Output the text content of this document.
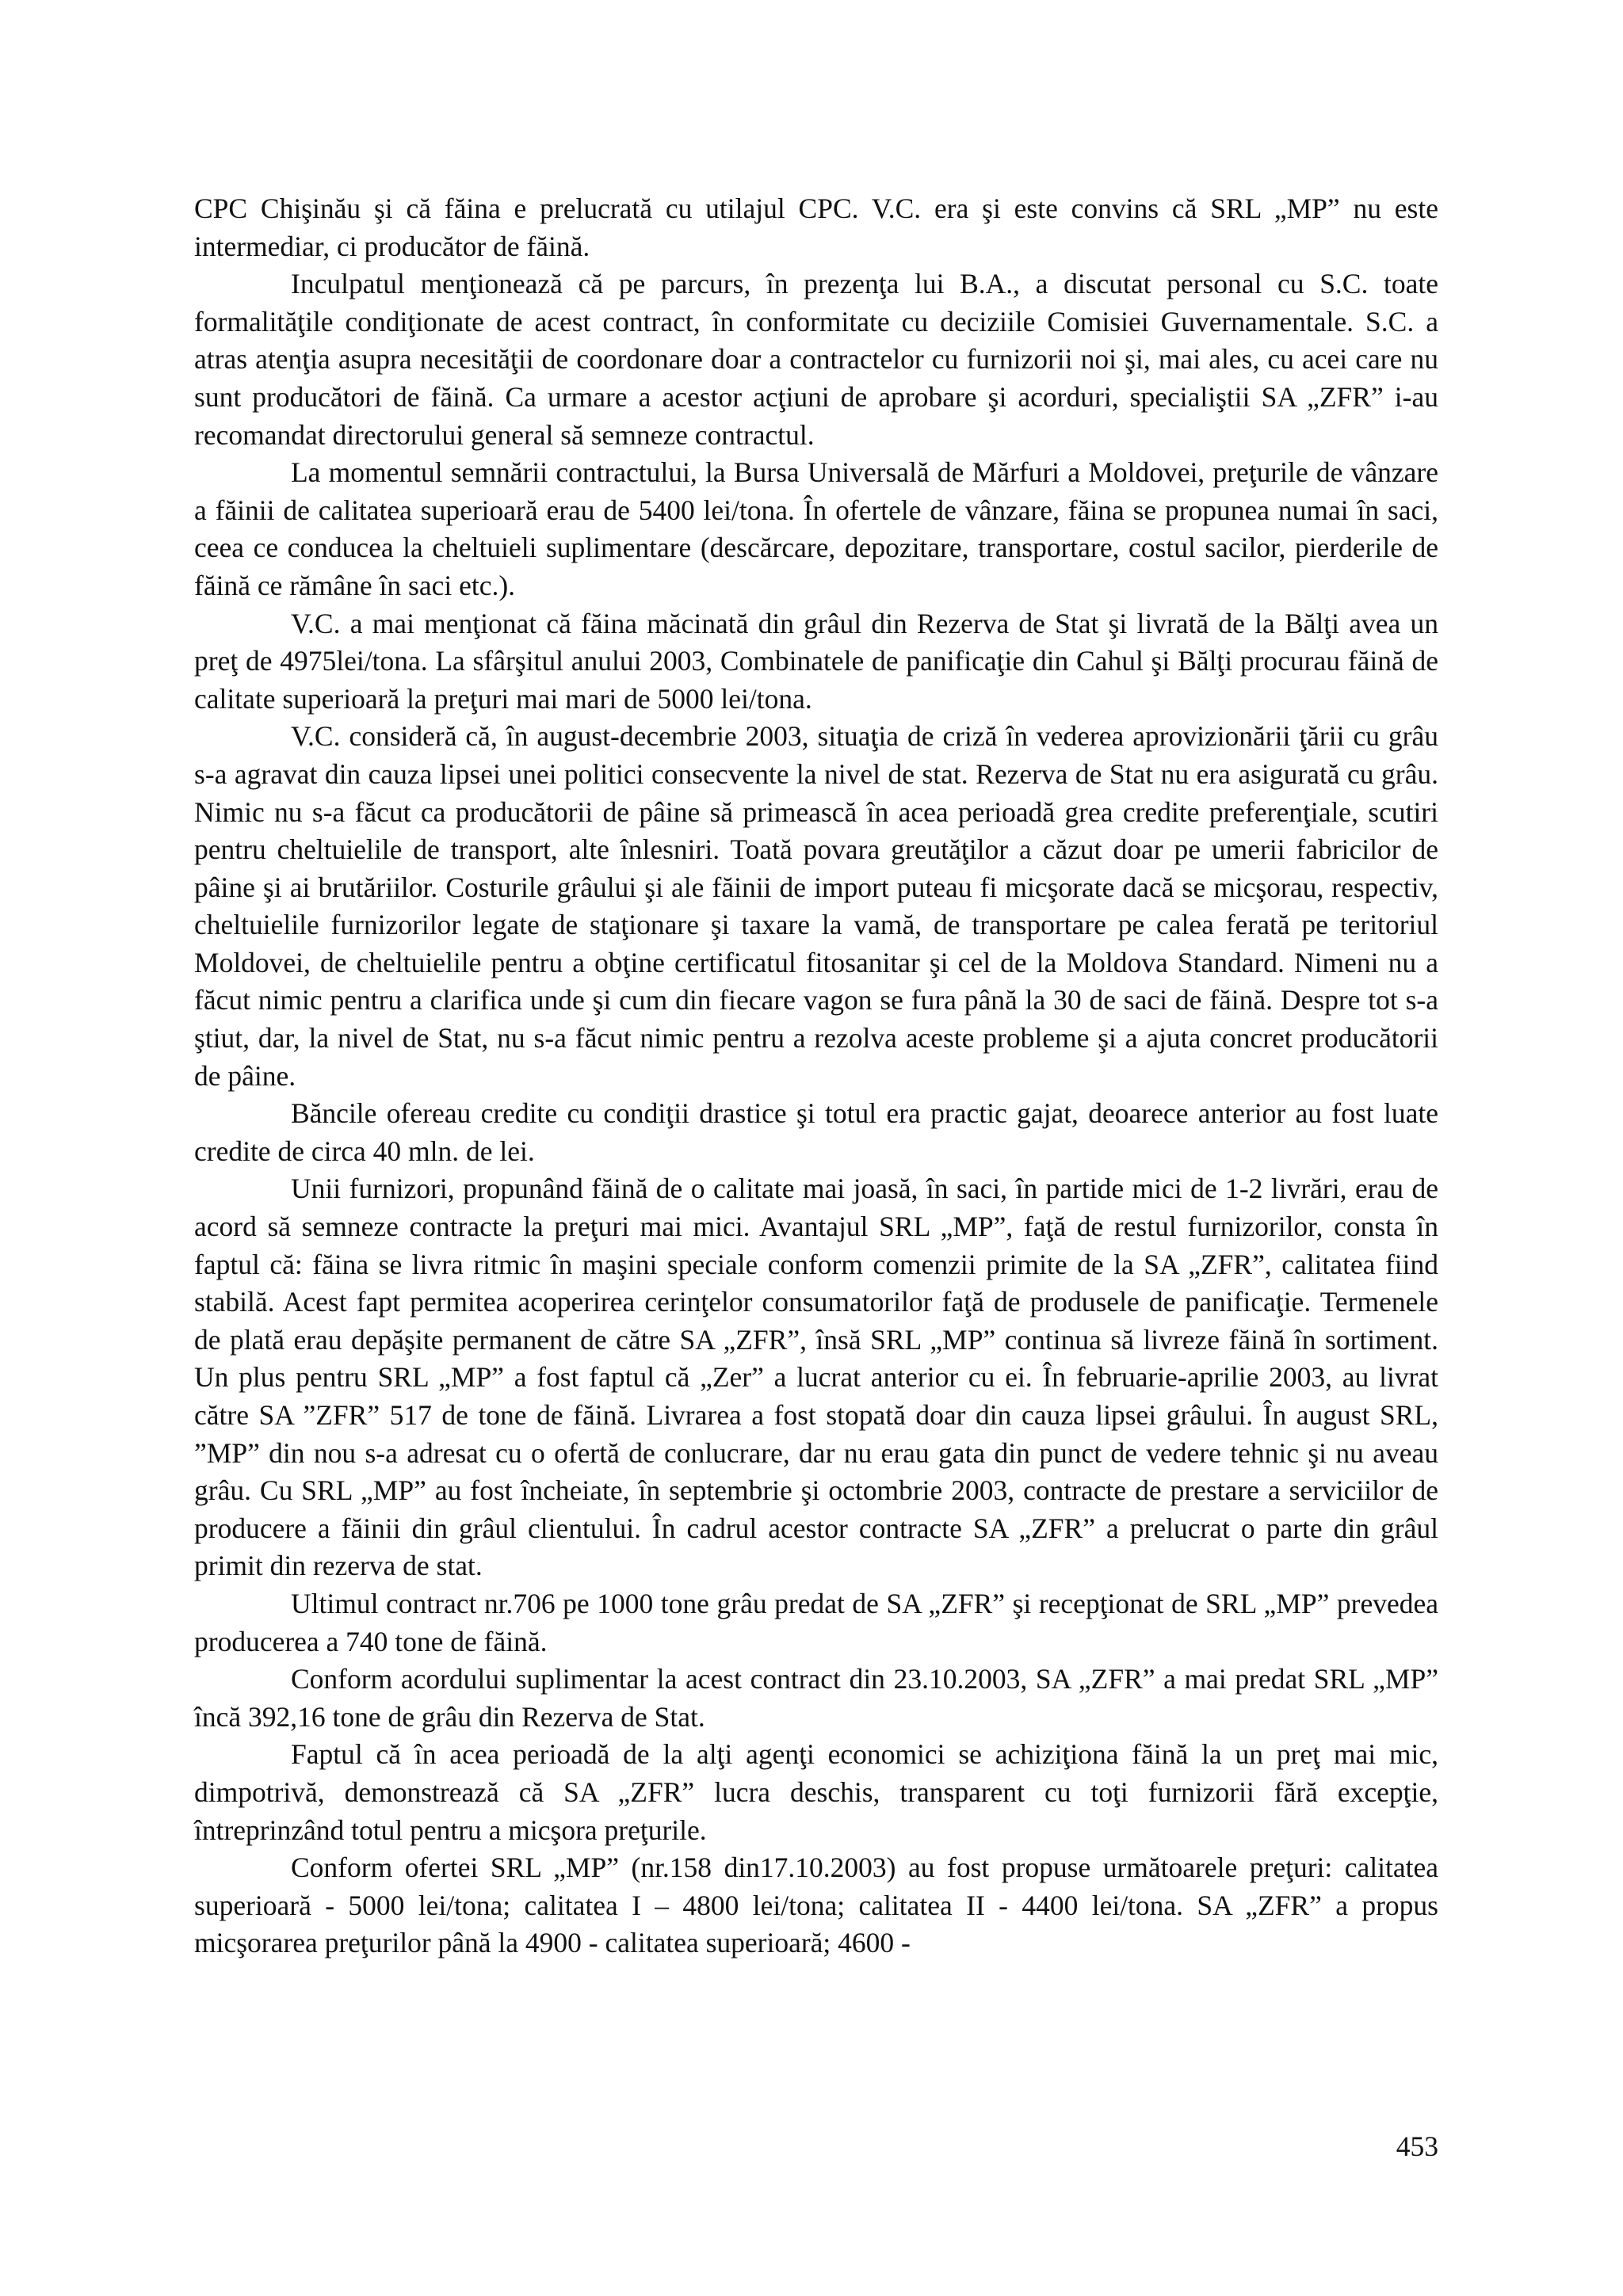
CPC Chişinău şi că făina e prelucrată cu utilajul CPC. V.C. era şi este convins că SRL „MP” nu este intermediar, ci producător de făină.

Inculpatul menţionează că pe parcurs, în prezenţa lui B.A., a discutat personal cu S.C. toate formalităţile condiţionate de acest contract, în conformitate cu deciziile Comisiei Guvernamentale. S.C. a atras atenţia asupra necesităţii de coordonare doar a contractelor cu furnizorii noi şi, mai ales, cu acei care nu sunt producători de făină. Ca urmare a acestor acţiuni de aprobare şi acorduri, specialiştii SA „ZFR” i-au recomandat directorului general să semneze contractul.

La momentul semnării contractului, la Bursa Universală de Mărfuri a Moldovei, preţurile de vânzare a făinii de calitatea superioară erau de 5400 lei/tona. În ofertele de vânzare, făina se propunea numai în saci, ceea ce conducea la cheltuieli suplimentare (descărcare, depozitare, transportare, costul sacilor, pierderile de făină ce rămâne în saci etc.).

V.C. a mai menţionat că făina măcinată din grâul din Rezerva de Stat şi livrată de la Bălţi avea un preţ de 4975lei/tona. La sfârşitul anului 2003, Combinatele de panificaţie din Cahul şi Bălţi procurau făină de calitate superioară la preţuri mai mari de 5000 lei/tona.

V.C. consideră că, în august-decembrie 2003, situaţia de criză în vederea aprovizionării ţării cu grâu s-a agravat din cauza lipsei unei politici consecvente la nivel de stat. Rezerva de Stat nu era asigurată cu grâu. Nimic nu s-a făcut ca producătorii de pâine să primească în acea perioadă grea credite preferenţiale, scutiri pentru cheltuielile de transport, alte înlesniri. Toată povara greutăţilor a căzut doar pe umerii fabricilor de pâine şi ai brutăriilor. Costurile grâului şi ale făinii de import puteau fi micşorate dacă se micşorau, respectiv, cheltuielile furnizorilor legate de staţionare şi taxare la vamă, de transportare pe calea ferată pe teritoriul Moldovei, de cheltuielile pentru a obţine certificatul fitosanitar şi cel de la Moldova Standard. Nimeni nu a făcut nimic pentru a clarifica unde şi cum din fiecare vagon se fura până la 30 de saci de făină. Despre tot s-a ştiut, dar, la nivel de Stat, nu s-a făcut nimic pentru a rezolva aceste probleme şi a ajuta concret producătorii de pâine.

Băncile ofereau credite cu condiţii drastice şi totul era practic gajat, deoarece anterior au fost luate credite de circa 40 mln. de lei.

Unii furnizori, propunând făină de o calitate mai joasă, în saci, în partide mici de 1-2 livrări, erau de acord să semneze contracte la preţuri mai mici. Avantajul SRL „MP”, faţă de restul furnizorilor, consta în faptul că: făina se livra ritmic în maşini speciale conform comenzii primite de la SA „ZFR”, calitatea fiind stabilă. Acest fapt permitea acoperirea cerinţelor consumatorilor faţă de produsele de panificaţie. Termenele de plată erau depăşite permanent de către SA „ZFR”, însă SRL „MP” continua să livreze făină în sortiment. Un plus pentru SRL „MP” a fost faptul că „Zer” a lucrat anterior cu ei. În februarie-aprilie 2003, au livrat către SA ”ZFR” 517 de tone de făină. Livrarea a fost stopată doar din cauza lipsei grâului. În august SRL, ”MP” din nou s-a adresat cu o ofertă de conlucrare, dar nu erau gata din punct de vedere tehnic şi nu aveau grâu. Cu SRL „MP” au fost încheiate, în septembrie şi octombrie 2003, contracte de prestare a serviciilor de producere a făinii din grâul clientului. În cadrul acestor contracte SA „ZFR” a prelucrat o parte din grâul primit din rezerva de stat.

Ultimul contract nr.706 pe 1000 tone grâu predat de SA „ZFR” şi recepţionat de SRL „MP” prevedea producerea a 740 tone de făină.

Conform acordului suplimentar la acest contract din 23.10.2003, SA „ZFR” a mai predat SRL „MP” încă 392,16 tone de grâu din Rezerva de Stat.

Faptul că în acea perioadă de la alţi agenţi economici se achiziţiona făină la un preţ mai mic, dimpotrivă, demonstrează că SA „ZFR” lucra deschis, transparent cu toţi furnizorii fără excepţie, întreprinzând totul pentru a micşora preţurile.

Conform ofertei SRL „MP” (nr.158 din17.10.2003) au fost propuse următoarele preţuri: calitatea superioară - 5000 lei/tona; calitatea I – 4800 lei/tona; calitatea II - 4400 lei/tona. SA „ZFR” a propus micşorarea preţurilor până la 4900 - calitatea superioară; 4600 -

453
